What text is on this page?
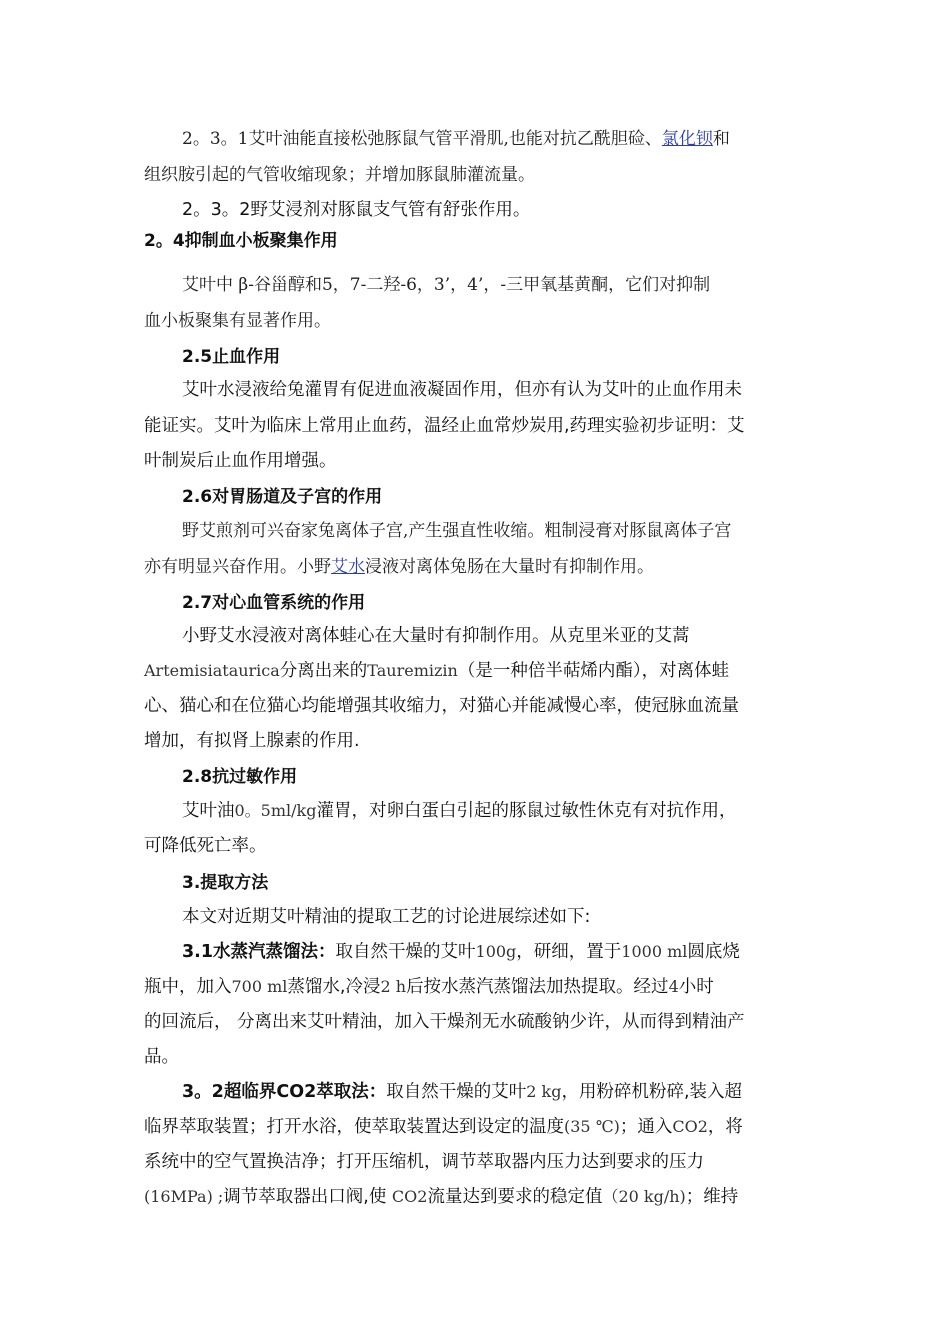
2。3。1艾叶油能直接松弛豚鼠气管平滑肌,也能对抗乙酰胆硷、氯化钡和
组织胺引起的气管收缩现象；并增加豚鼠肺灌流量。
2。3。2野艾浸剂对豚鼠支气管有舒张作用。
2。4抑制血小板聚集作用
艾叶中 β-谷甾醇和5，7-二羟-6，3’，4’，-三甲氧基黄酮，它们对抑制
血小板聚集有显著作用。
2.5止血作用
艾叶水浸液给兔灌胃有促进血液凝固作用，但亦有认为艾叶的止血作用未
能证实。艾叶为临床上常用止血药，温经止血常炒炭用,药理实验初步证明：艾
叶制炭后止血作用增强。
2.6对胃肠道及子宫的作用
野艾煎剂可兴奋家兔离体子宫,产生强直性收缩。粗制浸膏对豚鼠离体子宫
亦有明显兴奋作用。小野艾水浸液对离体兔肠在大量时有抑制作用。
2.7对心血管系统的作用
小野艾水浸液对离体蛙心在大量时有抑制作用。从克里米亚的艾蒿
Artemisiataurica分离出来的Tauremizin（是一种倍半萜烯内酯），对离体蛙
心、猫心和在位猫心均能增强其收缩力，对猫心并能减慢心率，使冠脉血流量
增加，有拟肾上腺素的作用.
2.8抗过敏作用
艾叶油0。5ml/kg灌胃，对卵白蛋白引起的豚鼠过敏性休克有对抗作用，
可降低死亡率。
3.提取方法
本文对近期艾叶精油的提取工艺的讨论进展综述如下:
3.1水蒸汽蒸馏法：取自然干燥的艾叶100g，研细，置于1000 ml圆底烧
瓶中，加入700 ml蒸馏水,冷浸2 h后按水蒸汽蒸馏法加热提取。经过4小时
的回流后， 分离出来艾叶精油，加入干燥剂无水硫酸钠少许，从而得到精油产
品。
3。2超临界CO2萃取法：取自然干燥的艾叶2 kg，用粉碎机粉碎,装入超
临界萃取装置；打开水浴，使萃取装置达到设定的温度(35 ℃)；通入CO2，将
系统中的空气置换洁净；打开压缩机，调节萃取器内压力达到要求的压力
(16MPa) ;调节萃取器出口阀,使 CO2流量达到要求的稳定值（20 kg/h)；维持
